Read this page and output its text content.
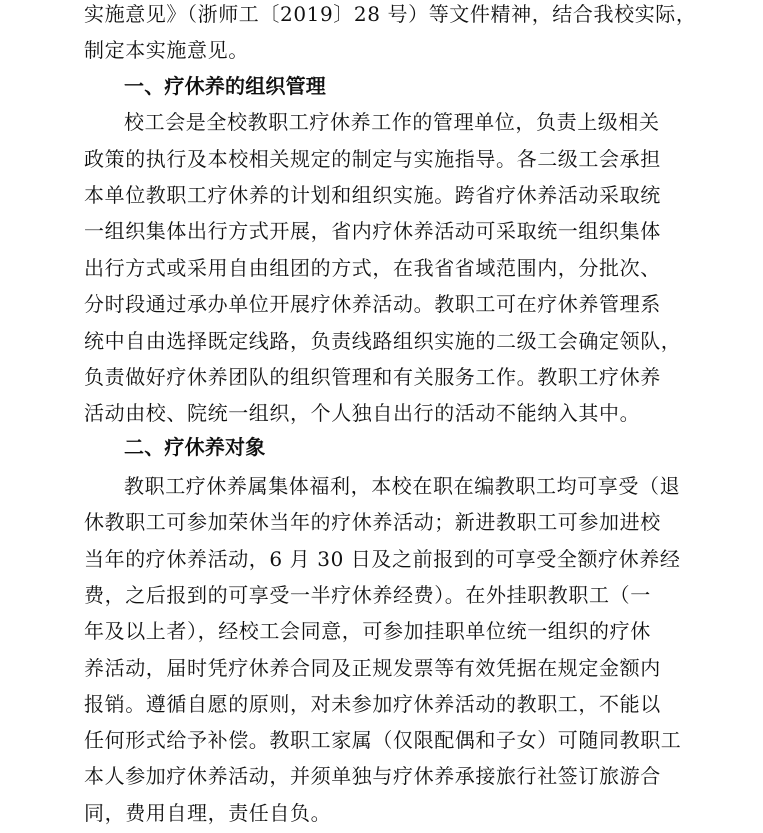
实施意见》（浙师工〔2019〕28 号）等文件精神，结合我校实际，
制定本实施意见。
一、疗休养的组织管理
校工会是全校教职工疗休养工作的管理单位，负责上级相关
政策的执行及本校相关规定的制定与实施指导。各二级工会承担
本单位教职工疗休养的计划和组织实施。跨省疗休养活动采取统
一组织集体出行方式开展，省内疗休养活动可采取统一组织集体
出行方式或采用自由组团的方式，在我省省域范围内，分批次、
分时段通过承办单位开展疗休养活动。教职工可在疗休养管理系
统中自由选择既定线路，负责线路组织实施的二级工会确定领队，
负责做好疗休养团队的组织管理和有关服务工作。教职工疗休养
活动由校、院统一组织，个人独自出行的活动不能纳入其中。
二、疗休养对象
教职工疗休养属集体福利，本校在职在编教职工均可享受（退
休教职工可参加荣休当年的疗休养活动；新进教职工可参加进校
当年的疗休养活动，6 月 30 日及之前报到的可享受全额疗休养经
费，之后报到的可享受一半疗休养经费）。在外挂职教职工（一
年及以上者），经校工会同意，可参加挂职单位统一组织的疗休
养活动，届时凭疗休养合同及正规发票等有效凭据在规定金额内
报销。遵循自愿的原则，对未参加疗休养活动的教职工，不能以
任何形式给予补偿。教职工家属（仅限配偶和子女）可随同教职工
本人参加疗休养活动，并须单独与疗休养承接旅行社签订旅游合
同，费用自理，责任自负。
